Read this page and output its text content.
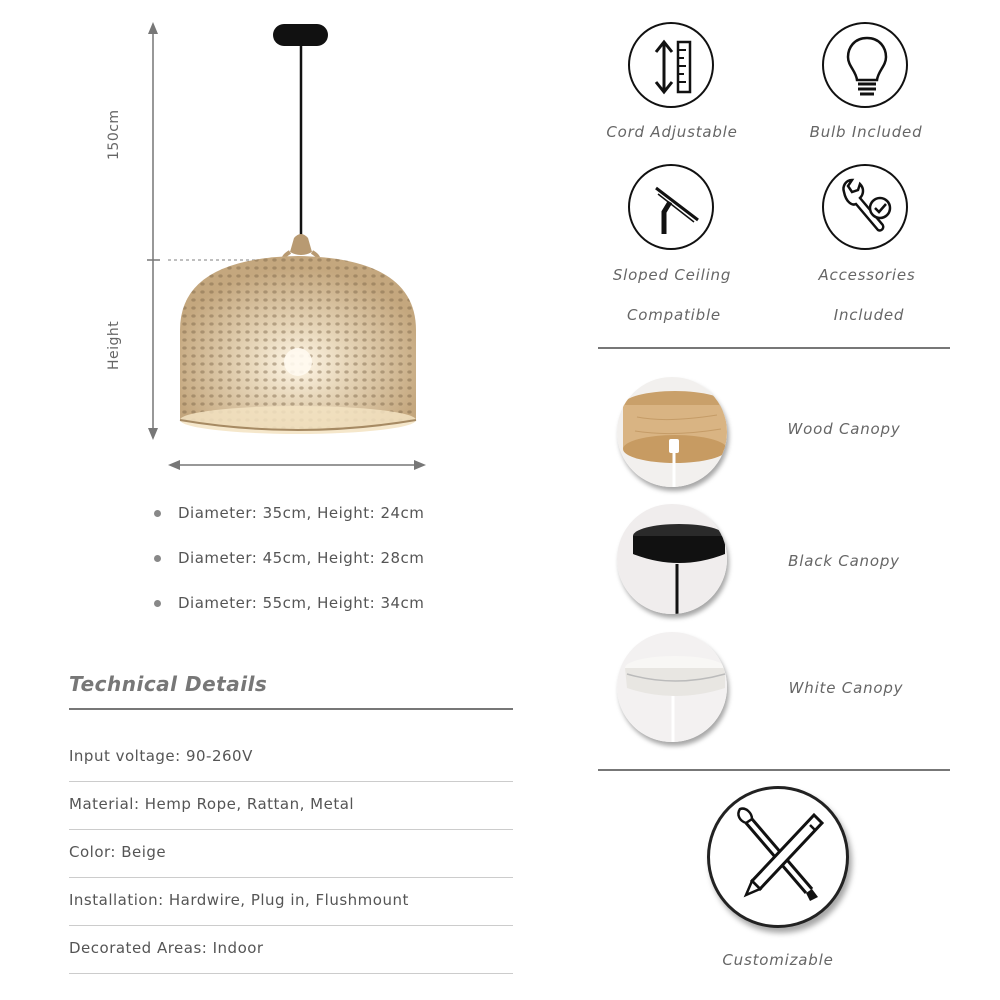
150cm
Height
Diameter: 35cm, Height: 24cm
Diameter: 45cm, Height: 28cm
Diameter: 55cm, Height: 34cm
Technical Details
Input voltage: 90-260V
Material: Hemp Rope, Rattan, Metal
Color: Beige
Installation: Hardwire, Plug in, Flushmount
Decorated Areas: Indoor
Cord Adjustable	Bulb Included
Sloped Ceiling
Compatible
Accessories
Included
Wood Canopy
Black Canopy
White Canopy
Customizable
